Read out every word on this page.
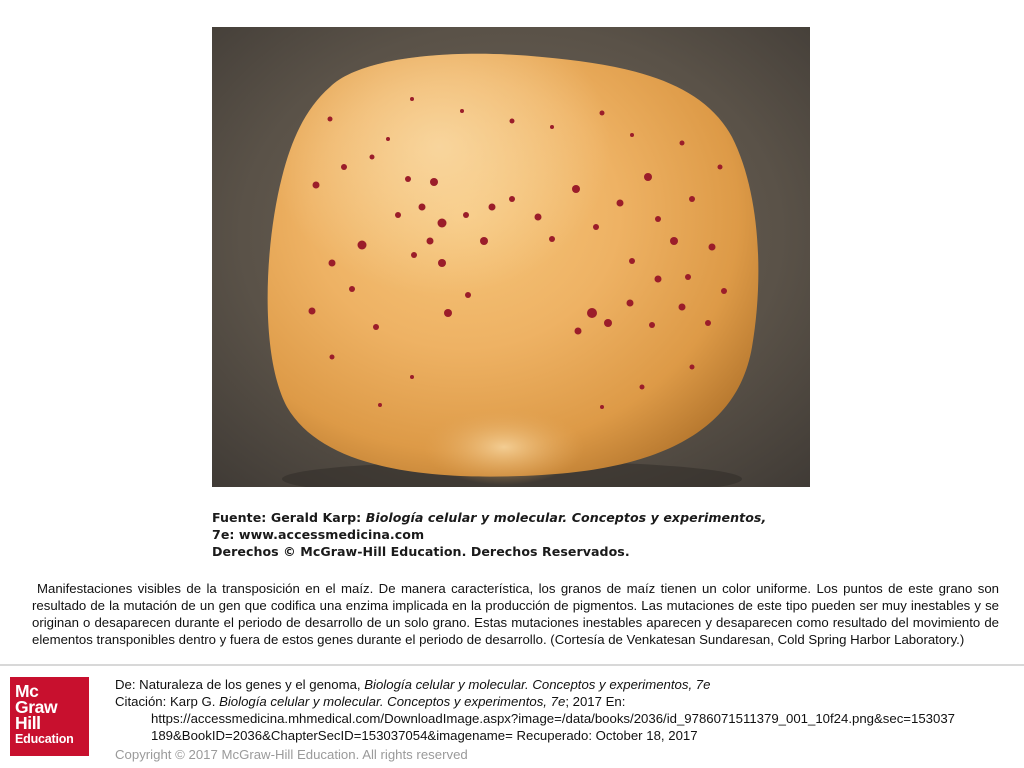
Fuente: Gerald Karp: Biología celular y molecular. Conceptos y experimentos,
7e: www.accessmedicina.com
Derechos © McGraw-Hill Education. Derechos Reservados.
Manifestaciones visibles de la transposición en el maíz. De manera característica, los granos de maíz tienen un color uniforme. Los puntos de este grano son resultado de la mutación de un gen que codifica una enzima implicada en la producción de pigmentos. Las mutaciones de este tipo pueden ser muy inestables y se originan o desaparecen durante el periodo de desarrollo de un solo grano. Estas mutaciones inestables aparecen y desaparecen como resultado del movimiento de elementos transponibles dentro y fuera de estos genes durante el periodo de desarrollo. (Cortesía de Venkatesan Sundaresan, Cold Spring Harbor Laboratory.)
Mc
Graw
Hill
Education
De: Naturaleza de los genes y el genoma, Biología celular y molecular. Conceptos y experimentos, 7e
Citación: Karp G. Biología celular y molecular. Conceptos y experimentos, 7e; 2017 En:
https://accessmedicina.mhmedical.com/DownloadImage.aspx?image=/data/books/2036/id_9786071511379_001_10f24.png&sec=153037
189&BookID=2036&ChapterSecID=153037054&imagename= Recuperado: October 18, 2017
Copyright © 2017 McGraw-Hill Education. All rights reserved
